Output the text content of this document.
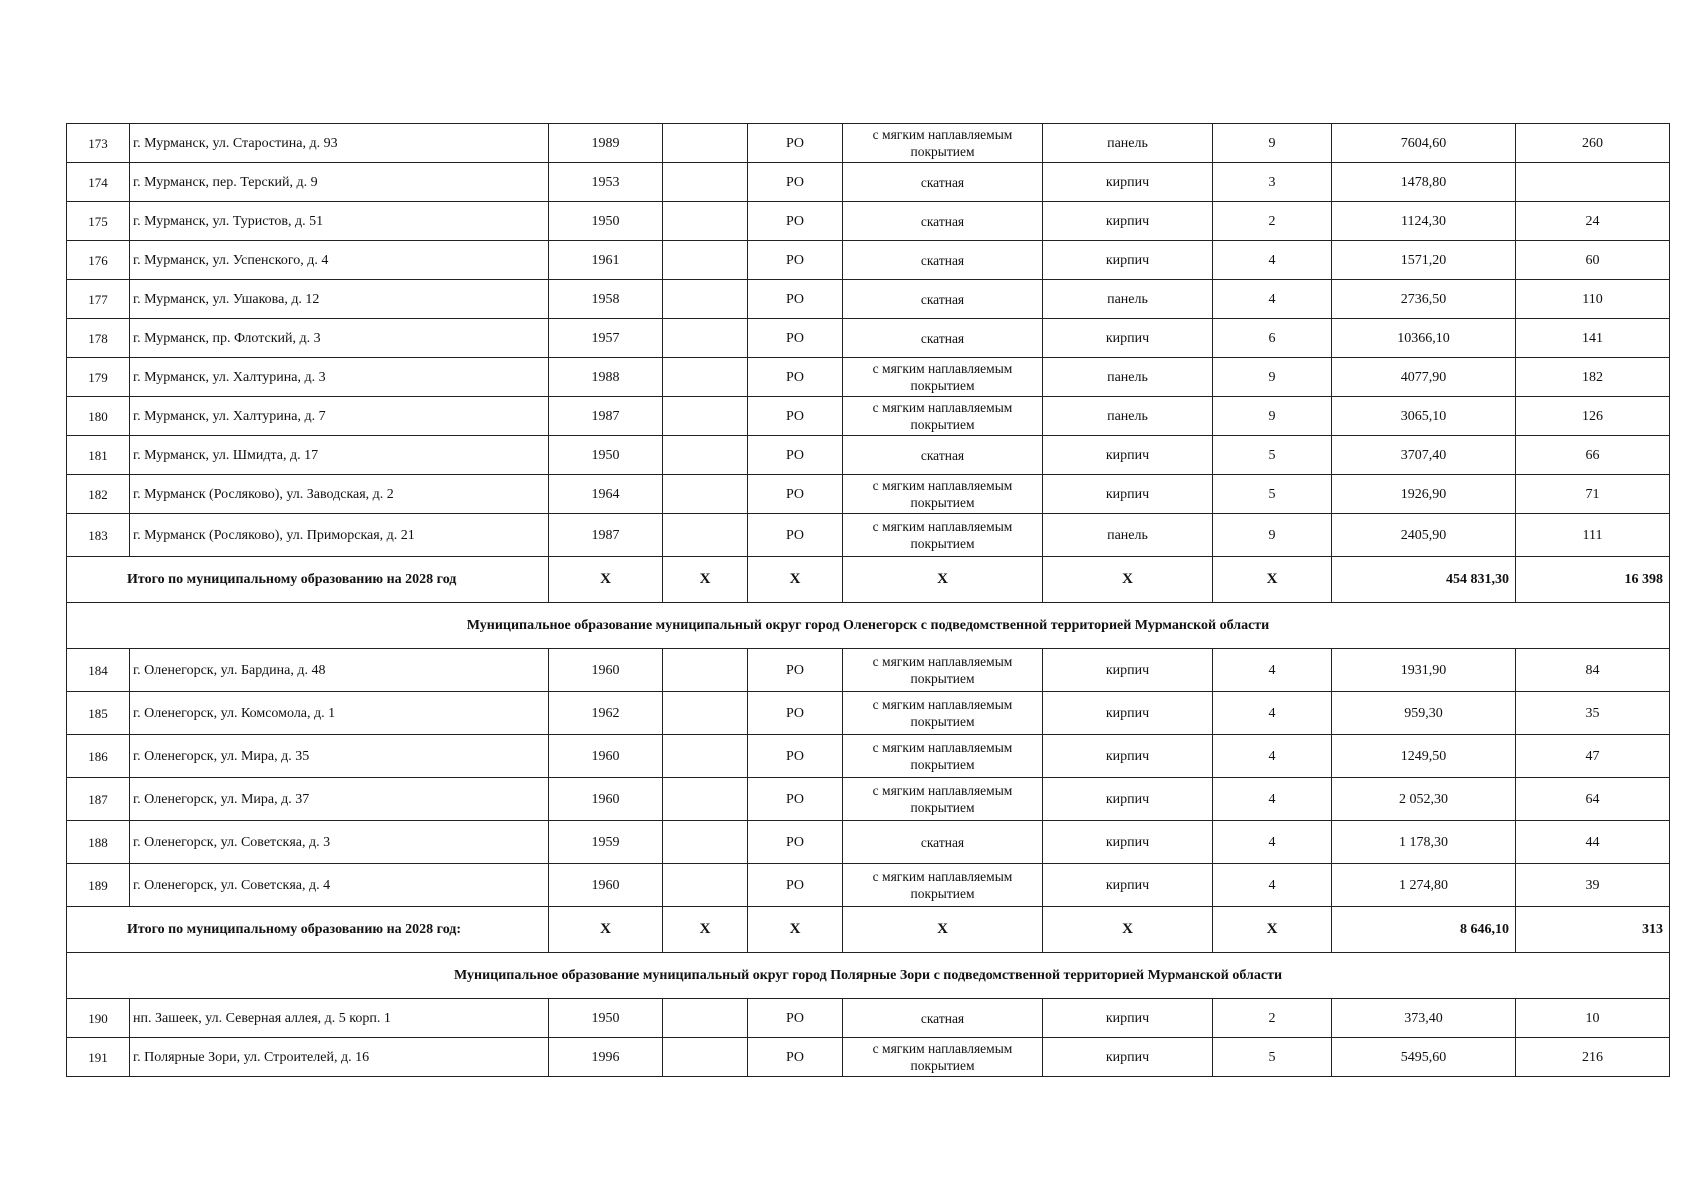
173	г. Мурманск, ул. Старостина, д. 93	1989		РО	с мягким наплавляемым покрытием	панель	9	7604,60	260
174	г. Мурманск, пер. Терский, д. 9	1953		РО	скатная	кирпич	3	1478,80	
175	г. Мурманск, ул. Туристов, д. 51	1950		РО	скатная	кирпич	2	1124,30	24
176	г. Мурманск, ул. Успенского, д. 4	1961		РО	скатная	кирпич	4	1571,20	60
177	г. Мурманск, ул. Ушакова, д. 12	1958		РО	скатная	панель	4	2736,50	110
178	г. Мурманск, пр. Флотский, д. 3	1957		РО	скатная	кирпич	6	10366,10	141
179	г. Мурманск, ул. Халтурина, д. 3	1988		РО	с мягким наплавляемым покрытием	панель	9	4077,90	182
180	г. Мурманск, ул. Халтурина, д. 7	1987		РО	с мягким наплавляемым покрытием	панель	9	3065,10	126
181	г. Мурманск, ул. Шмидта, д. 17	1950		РО	скатная	кирпич	5	3707,40	66
182	г. Мурманск (Росляково), ул. Заводская, д. 2	1964		РО	с мягким наплавляемым покрытием	кирпич	5	1926,90	71
183	г. Мурманск (Росляково), ул. Приморская, д. 21	1987		РО	с мягким наплавляемым покрытием	панель	9	2405,90	111
Итого по муниципальному образованию на 2028 год		X	X	X	X	X	X	454 831,30	16 398
Муниципальное образование муниципальный округ город Оленегорск с подведомственной территорией Мурманской области									
184	г. Оленегорск, ул. Бардина, д. 48	1960		РО	с мягким наплавляемым покрытием	кирпич	4	1931,90	84
185	г. Оленегорск, ул. Комсомола, д. 1	1962		РО	с мягким наплавляемым покрытием	кирпич	4	959,30	35
186	г. Оленегорск, ул. Мира, д. 35	1960		РО	с мягким наплавляемым покрытием	кирпич	4	1249,50	47
187	г. Оленегорск, ул. Мира, д. 37	1960		РО	с мягким наплавляемым покрытием	кирпич	4	2 052,30	64
188	г. Оленегорск, ул. Советскяа, д. 3	1959		РО	скатная	кирпич	4	1 178,30	44
189	г. Оленегорск, ул. Советскяа, д. 4	1960		РО	с мягким наплавляемым покрытием	кирпич	4	1 274,80	39
Итого по муниципальному образованию на 2028 год:		X	X	X	X	X	X	8 646,10	313
Муниципальное образование муниципальный округ город Полярные Зори с подведомственной территорией Мурманской области									
190	нп. Зашеек, ул. Северная аллея, д. 5 корп. 1	1950		РО	скатная	кирпич	2	373,40	10
191	г. Полярные Зори, ул. Строителей, д. 16	1996		РО	с мягким наплавляемым покрытием	кирпич	5	5495,60	216
